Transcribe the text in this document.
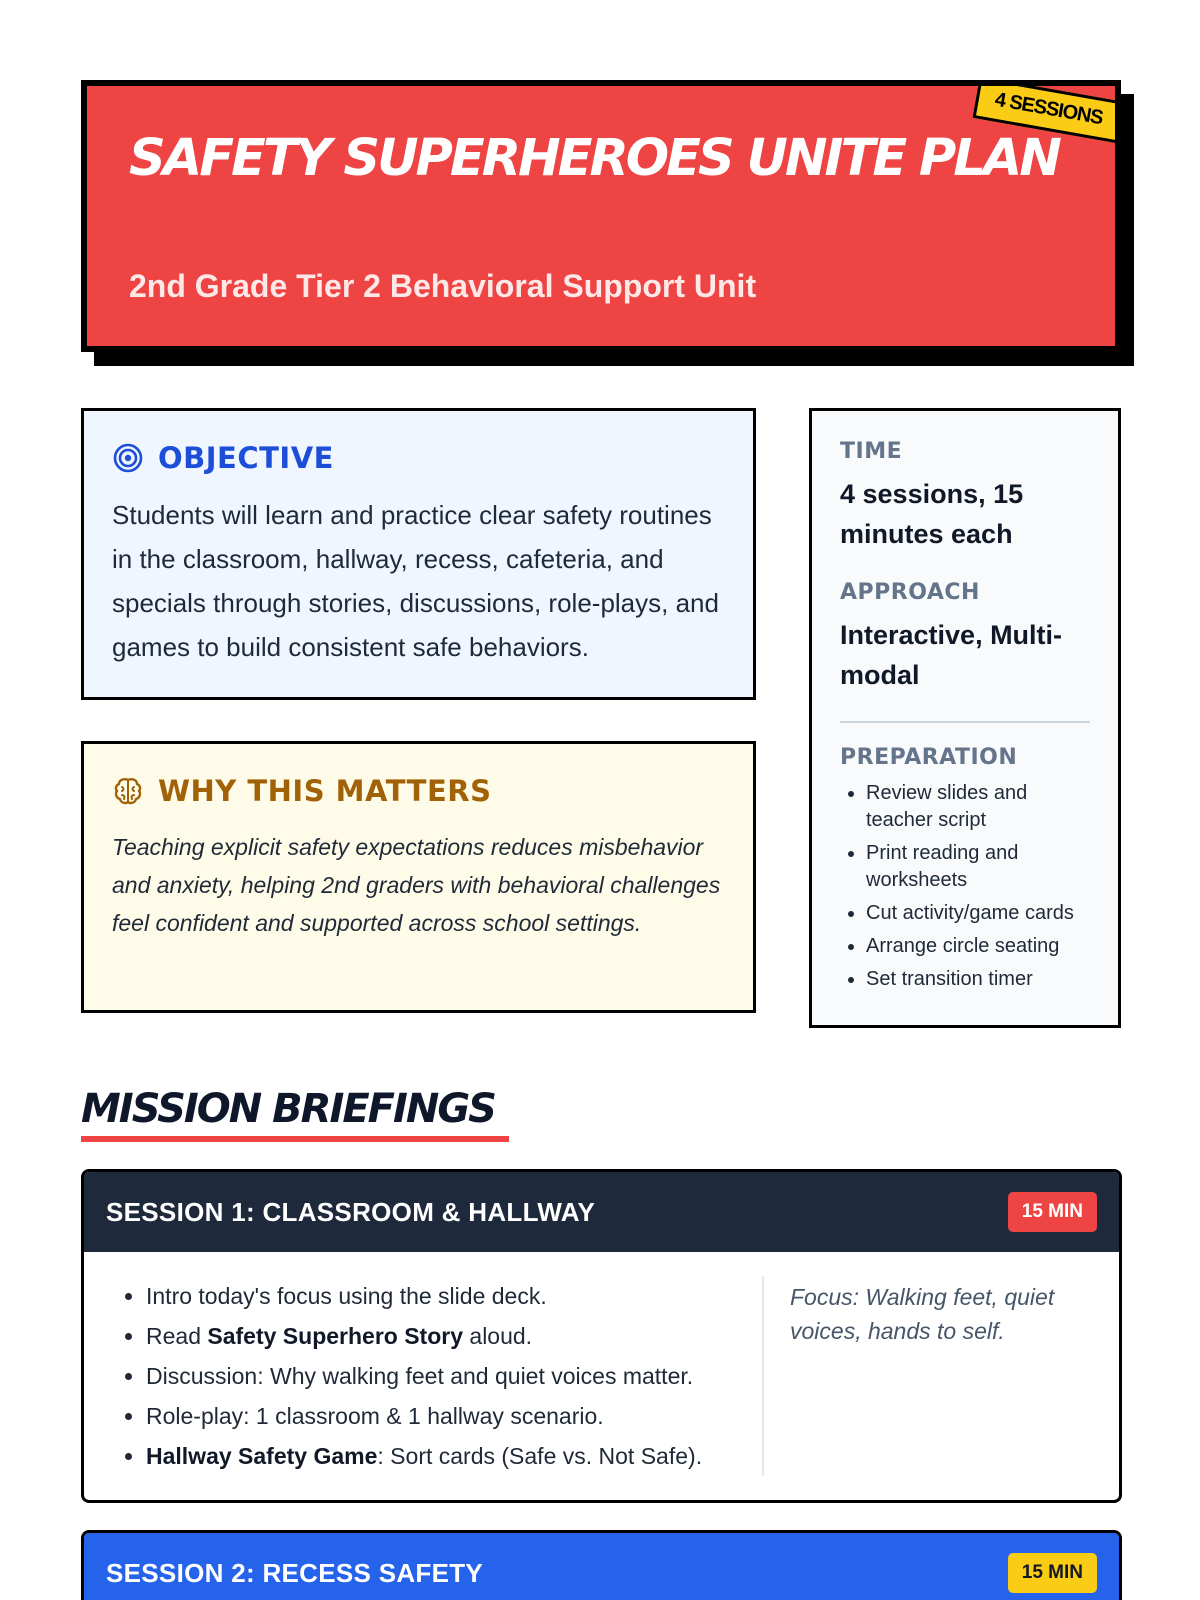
SAFETY SUPERHEROES UNITE PLAN
2nd Grade Tier 2 Behavioral Support Unit
4 SESSIONS
OBJECTIVE

Students will learn and practice clear safety routines in the classroom, hallway, recess, cafeteria, and specials through stories, discussions, role-plays, and games to build consistent safe behaviors.

WHY THIS MATTERS

Teaching explicit safety expectations reduces misbehavior and anxiety, helping 2nd graders with behavioral challenges feel confident and supported across school settings.

TIME
4 sessions, 15 minutes each
APPROACH
Interactive, Multi-modal
PREPARATION
• Review slides and teacher script
• Print reading and worksheets
• Cut activity/game cards
• Arrange circle seating
• Set transition timer
MISSION BRIEFINGS
SESSION 1: CLASSROOM & HALLWAY	15 MIN
• Intro today's focus using the slide deck.
• Read Safety Superhero Story aloud.
• Discussion: Why walking feet and quiet voices matter.
• Role-play: 1 classroom & 1 hallway scenario.
• Hallway Safety Game: Sort cards (Safe vs. Not Safe).
Focus: Walking feet, quiet voices, hands to self.
SESSION 2: RECESS SAFETY	15 MIN
